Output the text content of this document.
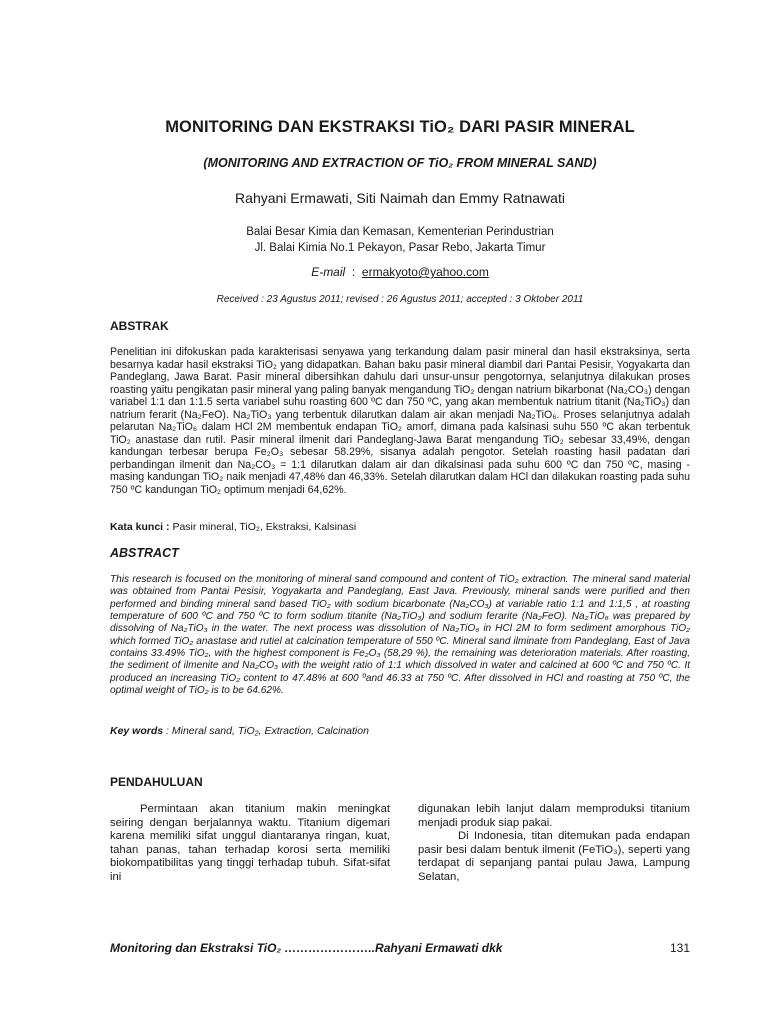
MONITORING DAN EKSTRAKSI TiO₂ DARI PASIR MINERAL
(MONITORING AND EXTRACTION OF TiO₂ FROM MINERAL SAND)
Rahyani Ermawati, Siti Naimah dan Emmy Ratnawati
Balai Besar Kimia dan Kemasan, Kementerian Perindustrian
Jl. Balai Kimia No.1 Pekayon, Pasar Rebo, Jakarta Timur
E-mail  :  ermakyoto@yahoo.com
Received : 23 Agustus 2011; revised : 26 Agustus 2011; accepted : 3 Oktober 2011
ABSTRAK

Penelitian ini difokuskan pada karakterisasi senyawa yang terkandung dalam pasir mineral dan hasil ekstraksinya, serta besarnya kadar hasil ekstraksi TiO₂ yang didapatkan. Bahan baku pasir mineral diambil dari Pantai Pesisir, Yogyakarta dan Pandeglang, Jawa Barat. Pasir mineral dibersihkan dahulu dari unsur-unsur pengotornya, selanjutnya dilakukan proses roasting yaitu pengikatan pasir mineral yang paling banyak mengandung TiO₂ dengan natrium bikarbonat (Na₂CO₃) dengan variabel 1:1 dan 1:1.5 serta variabel suhu roasting 600 ºC dan 750 ºC, yang akan membentuk natrium titanit (Na₂TiO₃) dan natrium ferarit (Na₂FeO). Na₂TiO₃ yang terbentuk dilarutkan dalam air akan menjadi Na₂TiO₆. Proses selanjutnya adalah pelarutan Na₂TiO₆ dalam HCl 2M membentuk endapan TiO₂ amorf, dimana pada kalsinasi suhu 550 ºC akan terbentuk TiO₂ anastase dan rutil. Pasir mineral ilmenit dari Pandeglang-Jawa Barat mengandung TiO₂ sebesar 33,49%, dengan kandungan terbesar berupa Fe₂O₃ sebesar 58.29%, sisanya adalah pengotor. Setelah roasting hasil padatan dari perbandingan ilmenit dan Na₂CO₃ = 1:1 dilarutkan dalam air dan dikalsinasi pada suhu 600 ºC dan 750 ºC, masing - masing kandungan TiO₂ naik menjadi 47,48% dan 46,33%. Setelah dilarutkan dalam HCl dan dilakukan roasting pada suhu 750 ºC kandungan TiO₂ optimum menjadi 64,62%.

Kata kunci : Pasir mineral, TiO₂, Ekstraksi, Kalsinasi
ABSTRACT

This research is focused on the monitoring of mineral sand compound and content of TiO₂ extraction. The mineral sand material was obtained from Pantai Pesisir, Yogyakarta and Pandeglang, East Java. Previously, mineral sands were purified and then performed and binding mineral sand based TiO₂ with sodium bicarbonate (Na₂CO₃) at variable ratio 1:1 and 1:1,5 , at roasting temperature of 600 ºC and 750 ºC to form sodium titanite (Na₂TiO₃) and sodium ferarite (Na₂FeO). Na₂TiO₆ was prepared by dissolving of Na₂TiO₃ in the water. The next process was dissolution of Na₂TiO₆ in HCl 2M to form sediment amorphous TiO₂ which formed TiO₂ anastase and rutiel at calcination temperature of 550 ºC. Mineral sand ilminate from Pandeglang, East of Java contains 33.49% TiO₂, with the highest component is Fe₂O₃ (58,29 %), the remaining was deterioration materials. After roasting, the sediment of ilmenite and Na₂CO₃ with the weight ratio of 1:1 which dissolved in water and calcined at 600 ºC and 750 ºC. It produced an increasing TiO₂ content to 47.48% at 600 ºand 46.33 at 750 ºC. After dissolved in HCl and roasting at 750 ºC, the optimal weight of TiO₂ is to be 64.62%.

Key words : Mineral sand, TiO₂, Extraction, Calcination
PENDAHULUAN

Permintaan akan titanium makin meningkat seiring dengan berjalannya waktu. Titanium digemari karena memiliki sifat unggul diantaranya ringan, kuat, tahan panas, tahan terhadap korosi serta memiliki biokompatibilitas yang tinggi terhadap tubuh. Sifat-sifat ini

digunakan lebih lanjut dalam memproduksi titanium menjadi produk siap pakai.
Di Indonesia, titan ditemukan pada endapan pasir besi dalam bentuk ilmenit (FeTiO₃), seperti yang terdapat di sepanjang pantai pulau Jawa, Lampung Selatan,
Monitoring dan Ekstraksi TiO₂ …………………..Rahyani Ermawati dkk	131
